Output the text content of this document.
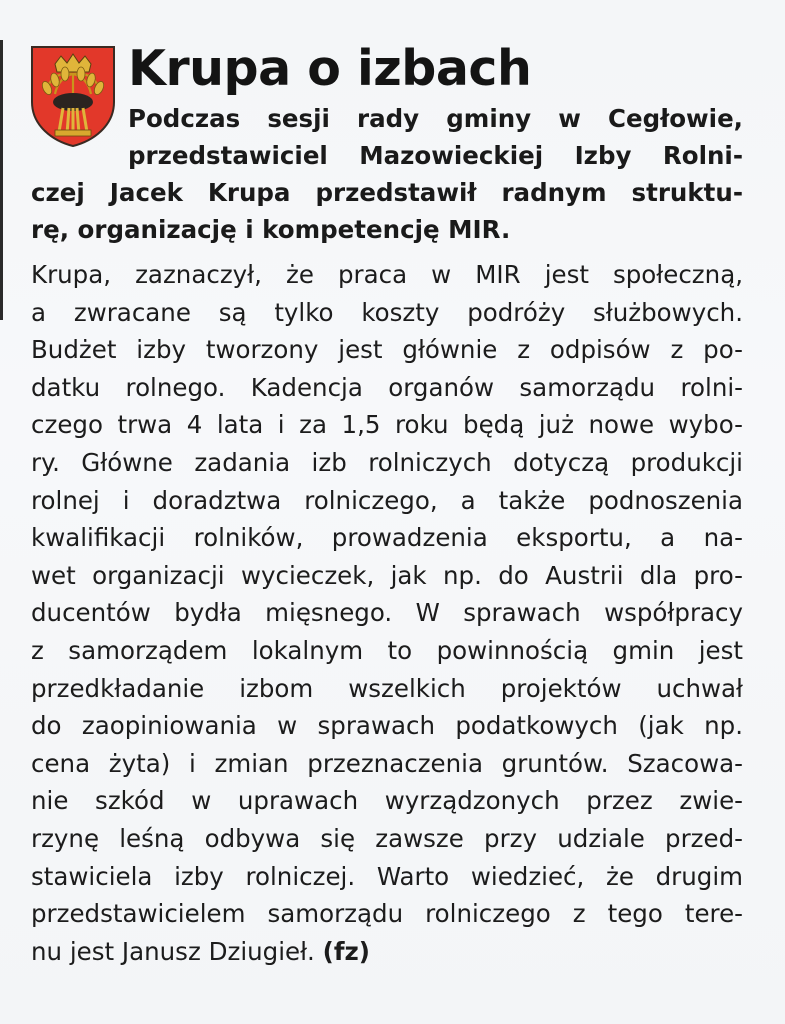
Krupa o izbach
Podczas sesji rady gminy w Cegłowie,
przedstawiciel Mazowieckiej Izby Rolni-
czej Jacek Krupa przedstawił radnym struktu-
rę, organizację i kompetencję MIR.
Krupa, zaznaczył, że praca w MIR jest społeczną,
a zwracane są tylko koszty podróży służbowych.
Budżet izby tworzony jest głównie z odpisów z po-
datku rolnego. Kadencja organów samorządu rolni-
czego trwa 4 lata i za 1,5 roku będą już nowe wybo-
ry. Główne zadania izb rolniczych dotyczą produkcji
rolnej i doradztwa rolniczego, a także podnoszenia
kwalifikacji rolników, prowadzenia eksportu, a na-
wet organizacji wycieczek, jak np. do Austrii dla pro-
ducentów bydła mięsnego. W sprawach współpracy
z samorządem lokalnym to powinnością gmin jest
przedkładanie izbom wszelkich projektów uchwał
do zaopiniowania w sprawach podatkowych (jak np.
cena żyta) i zmian przeznaczenia gruntów. Szacowa-
nie szkód w uprawach wyrządzonych przez zwie-
rzynę leśną odbywa się zawsze przy udziale przed-
stawiciela izby rolniczej. Warto wiedzieć, że drugim
przedstawicielem samorządu rolniczego z tego tere-
nu jest Janusz Dziugieł. (fz)
